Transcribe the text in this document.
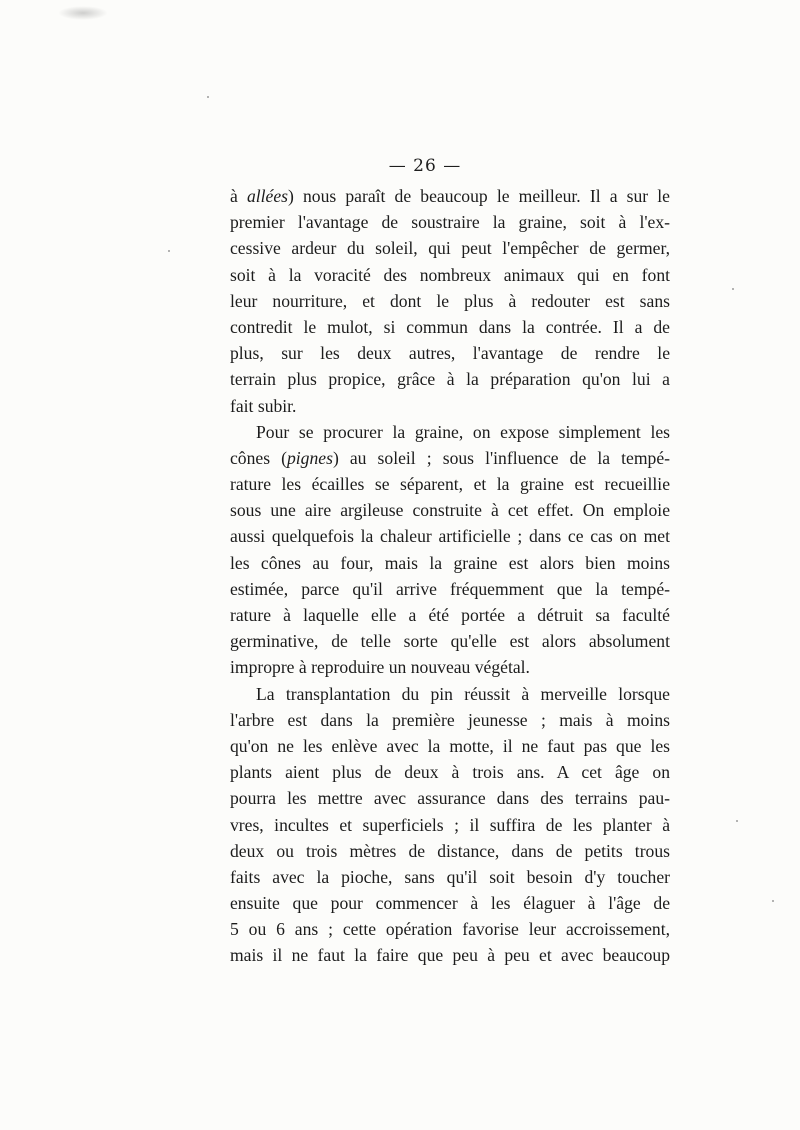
— 26 —
à allées) nous paraît de beaucoup le meilleur. Il a sur le
premier l'avantage de soustraire la graine, soit à l'ex-
cessive ardeur du soleil, qui peut l'empêcher de germer,
soit à la voracité des nombreux animaux qui en font
leur nourriture, et dont le plus à redouter est sans
contredit le mulot, si commun dans la contrée. Il a de
plus, sur les deux autres, l'avantage de rendre le
terrain plus propice, grâce à la préparation qu'on lui a
fait subir.
Pour se procurer la graine, on expose simplement les
cônes (pignes) au soleil ; sous l'influence de la tempé-
rature les écailles se séparent, et la graine est recueillie
sous une aire argileuse construite à cet effet. On emploie
aussi quelquefois la chaleur artificielle ; dans ce cas on met
les cônes au four, mais la graine est alors bien moins
estimée, parce qu'il arrive fréquemment que la tempé-
rature à laquelle elle a été portée a détruit sa faculté
germinative, de telle sorte qu'elle est alors absolument
impropre à reproduire un nouveau végétal.
La transplantation du pin réussit à merveille lorsque
l'arbre est dans la première jeunesse ; mais à moins
qu'on ne les enlève avec la motte, il ne faut pas que les
plants aient plus de deux à trois ans. A cet âge on
pourra les mettre avec assurance dans des terrains pau-
vres, incultes et superficiels ; il suffira de les planter à
deux ou trois mètres de distance, dans de petits trous
faits avec la pioche, sans qu'il soit besoin d'y toucher
ensuite que pour commencer à les élaguer à l'âge de
5 ou 6 ans ; cette opération favorise leur accroissement,
mais il ne faut la faire que peu à peu et avec beaucoup
